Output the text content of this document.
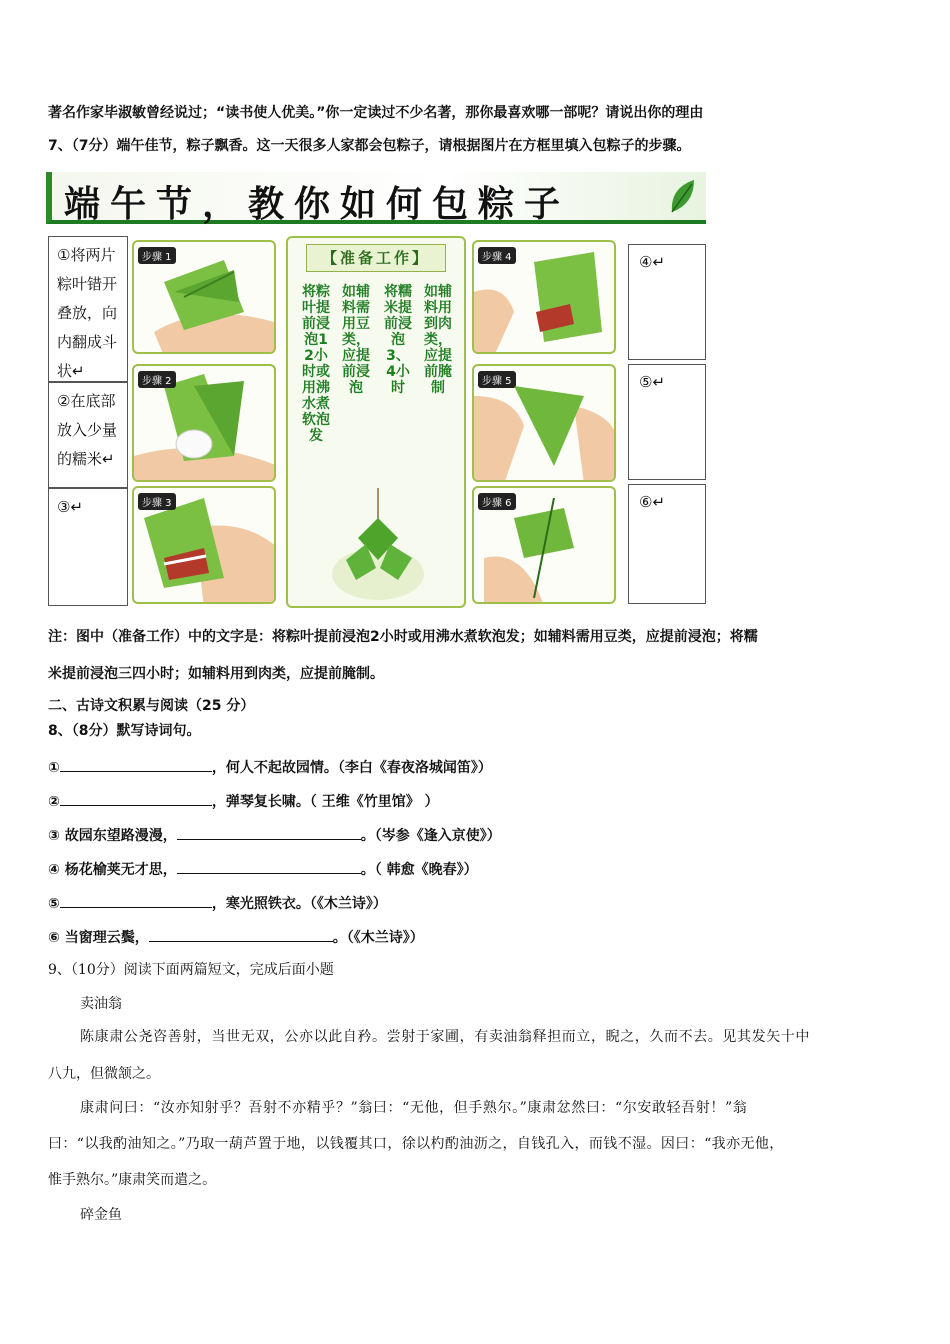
著名作家毕淑敏曾经说过；“读书使人优美。”你一定读过不少名著，那你最喜欢哪一部呢？请说出你的理由
7、（7分）端午佳节，粽子飘香。这一天很多人家都会包粽子，请根据图片在方框里填入包粽子的步骤。
端午节，教你如何包粽子
①将两片粽叶错开叠放，向内翻成斗状↵
②在底部放入少量的糯米↵
③↵
步骤 1
步骤 2
步骤 3
【准备工作】
将粽叶提前浸泡12小时或用沸水煮软泡发
如辅料需用豆类，应提前浸泡
将糯米提前浸泡3、4小时
如辅料用到肉类，应提前腌制
步骤 4
步骤 5
步骤 6
④↵
⑤↵
⑥↵
注：图中（准备工作）中的文字是：将粽叶提前浸泡2小时或用沸水煮软泡发；如辅料需用豆类，应提前浸泡；将糯
米提前浸泡三四小时；如辅料用到肉类，应提前腌制。
二、古诗文积累与阅读（25 分）
8、（8分）默写诗词句。
①	，何人不起故园情。（李白《春夜洛城闻笛》）
②	，弹琴复长啸。（ 王维《竹里馆》 ）
③ 故园东望路漫漫，	。（岑参《逢入京使》）
④ 杨花榆荚无才思，	。（ 韩愈《晚春》）
⑤	，寒光照铁衣。（《木兰诗》）
⑥ 当窗理云鬓，	。（《木兰诗》）
9、（10分）阅读下面两篇短文，完成后面小题
卖油翁
陈康肃公尧咨善射，当世无双，公亦以此自矜。尝射于家圃，有卖油翁释担而立，睨之，久而不去。见其发矢十中
八九，但微颔之。
康肃问曰：“汝亦知射乎？吾射不亦精乎？”翁曰：“无他，但手熟尔。”康肃忿然曰：“尔安敢轻吾射！”翁
曰：“以我酌油知之。”乃取一葫芦置于地，以钱覆其口，徐以杓酌油沥之，自钱孔入，而钱不湿。因曰：“我亦无他，
惟手熟尔。”康肃笑而遣之。
碎金鱼
